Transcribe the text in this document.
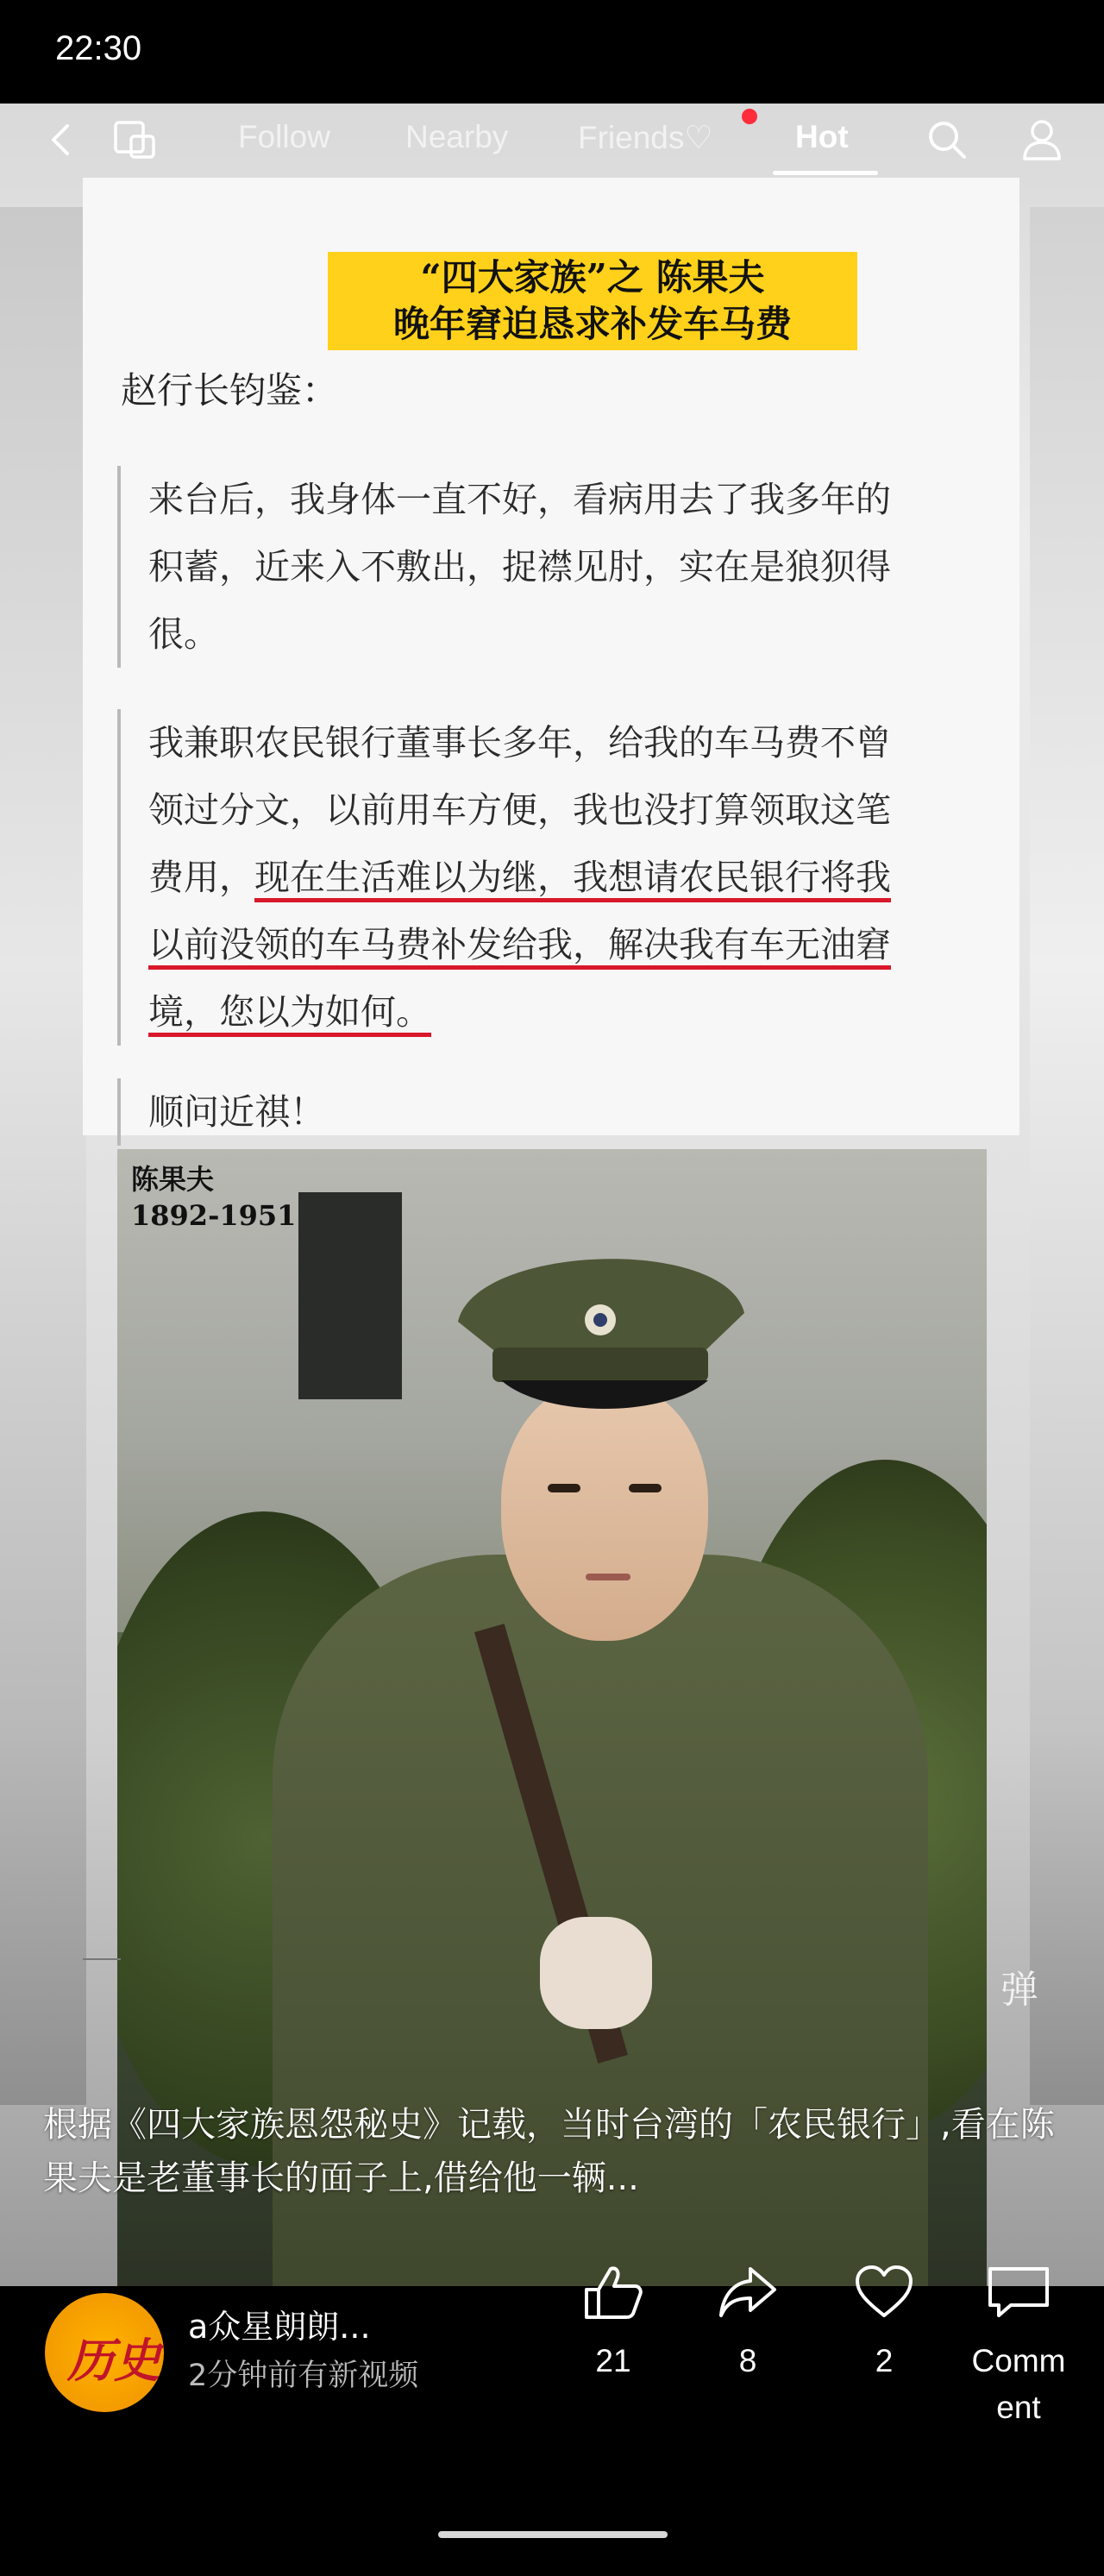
22:30
Follow Nearby Friends♡	Hot
“四大家族”之 陈果夫
晚年窘迫恳求补发车马费
赵行长钧鉴：

来台后，我身体一直不好，看病用去了我多年的

积蓄，近来入不敷出，捉襟见肘，实在是狼狈得

很。

我兼职农民银行董事长多年，给我的车马费不曾

领过分文，以前用车方便，我也没打算领取这笔

费用，现在生活难以为继，我想请农民银行将我

以前没领的车马费补发给我，解决我有车无油窘

境，您以为如何。

顺问近祺！

陈果夫
1892-1951
弹
根据《四大家族恩怨秘史》记载，当时台湾的「农民银行」,看在陈果夫是老董事长的面子上,借给他一辆...
历史
a众星朗朗...
2分钟前有新视频	21	8	2	Comm ent
